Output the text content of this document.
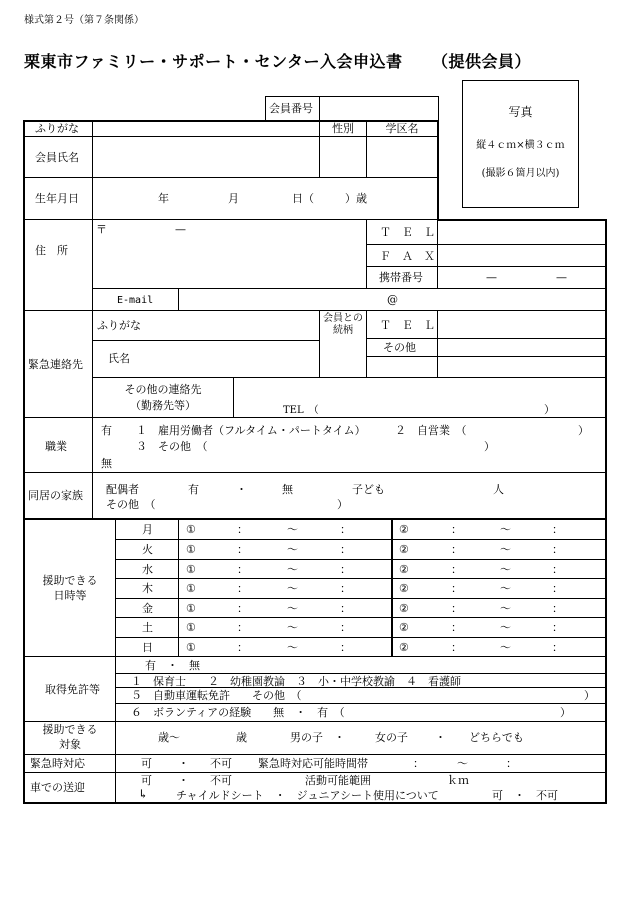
様式第２号（第７条関係）
栗東市ファミリー・サポート・センター入会申込書 （提供会員）
写真
縦４ｃｍ×横３ｃｍ
(撮影６箇月以内)
会員番号
ふりがな	性別	学区名
会員氏名
生年月日	年	月	日（	）歳
住　所
〒	—	Ｔ　Ｅ　Ｌ
Ｆ　Ａ　Ｘ
携帯番号	—	—
E-mail	@
緊急連絡先
ふりがな
氏名
会員との
続柄	Ｔ　Ｅ　Ｌ
その他
その他の連絡先
（勤務先等）	TEL　（	）
職業
有 １　雇用労働者（フルタイム・パートタイム）	２　自営業　（	）
３　その他　（	）
無
同居の家族 配偶者	有	・	無	子ども	人
その他　（	）
援助できる
日時等
月	①	：	～	：	②	：	～	：
火	①	：	～	：	②	：	～	：
水	①	：	～	：	②	：	～	：
木	①	：	～	：	②	：	～	：
金	①	：	～	：	②	：	～	：
土	①	：	～	：	②	：	～	：
日	①	：	～	：	②	：	～	：
取得免許等
有　・　無
１　保育士　　２　幼稚園教論　３　小・中学校教諭　４　看護師
５　自動車運転免許　　その他　（	）
６　ボランティアの経験　　無　・　有　（	）
援助できる
対象
歳～	歳	男の子　・	女の子 ・ どちらでも
緊急時対応	可 ・ 不可 緊急時対応可能時間帯	：	～	：
車での送迎
可 ・ 不可	活動可能範囲	ｋｍ
↳	チャイルドシート　・　ジュニアシート使用について	可 ・ 不可
